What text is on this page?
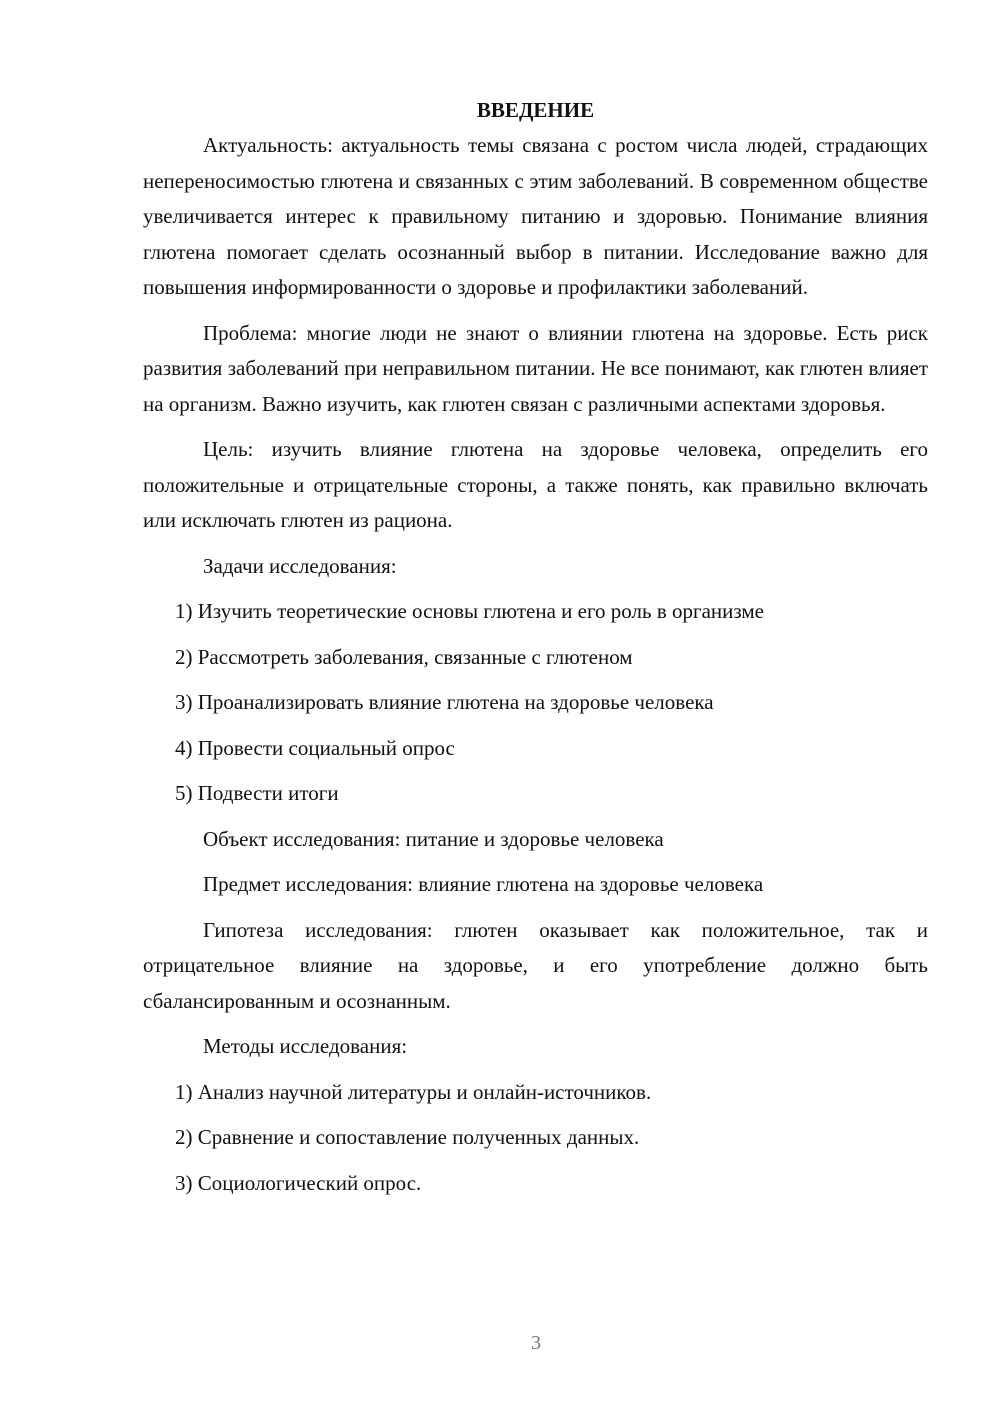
ВВЕДЕНИЕ

Актуальность: актуальность темы связана с ростом числа людей, страдающих непереносимостью глютена и связанных с этим заболеваний. В современном обществе увеличивается интерес к правильному питанию и здоровью. Понимание влияния глютена помогает сделать осознанный выбор в питании. Исследование важно для повышения информированности о здоровье и профилактики заболеваний.

Проблема: многие люди не знают о влиянии глютена на здоровье. Есть риск развития заболеваний при неправильном питании. Не все понимают, как глютен влияет на организм. Важно изучить, как глютен связан с различными аспектами здоровья.

Цель: изучить влияние глютена на здоровье человека, определить его положительные и отрицательные стороны, а также понять, как правильно включать или исключать глютен из рациона.

Задачи исследования:

1) Изучить теоретические основы глютена и его роль в организме
2) Рассмотреть заболевания, связанные с глютеном
3) Проанализировать влияние глютена на здоровье человека
4) Провести социальный опрос
5) Подвести итоги

Объект исследования: питание и здоровье человека

Предмет исследования: влияние глютена на здоровье человека

Гипотеза исследования: глютен оказывает как положительное, так и отрицательное влияние на здоровье, и его употребление должно быть сбалансированным и осознанным.

Методы исследования:

1) Анализ научной литературы и онлайн-источников.
2) Сравнение и сопоставление полученных данных.
3) Социологический опрос.
3
